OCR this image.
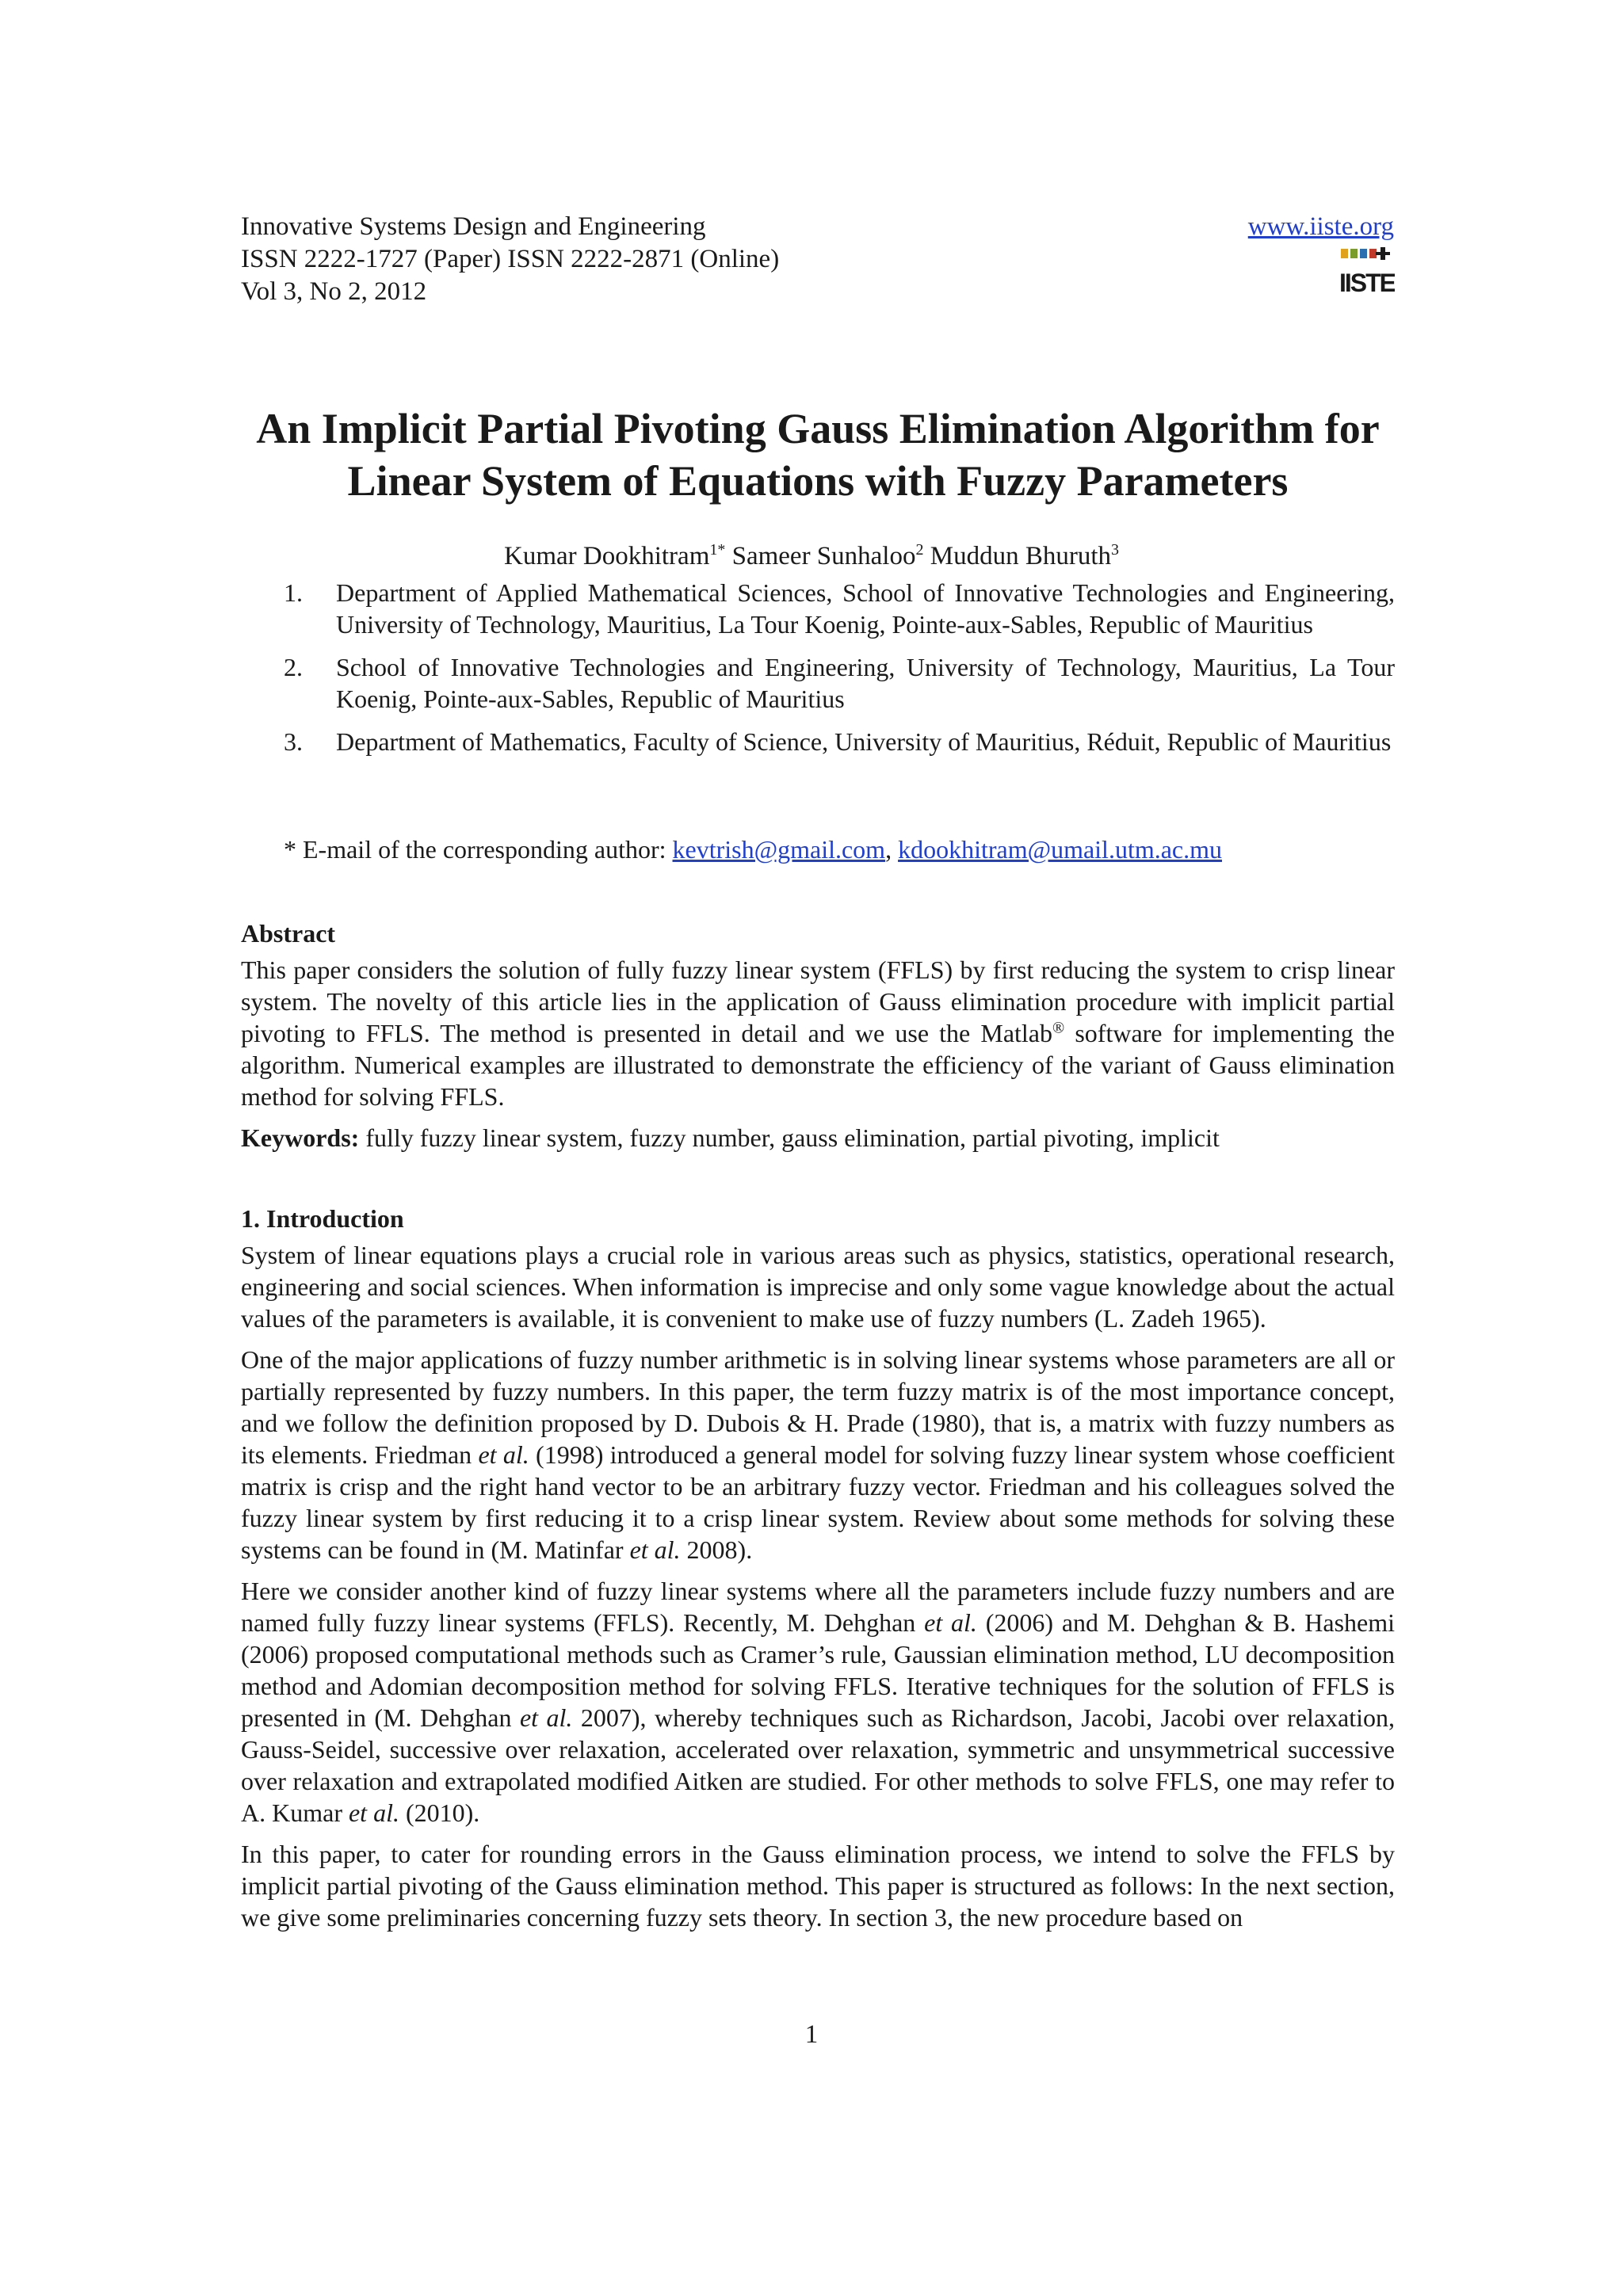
Innovative Systems Design and Engineering
ISSN 2222-1727 (Paper) ISSN 2222-2871 (Online)
Vol 3, No 2, 2012
www.iiste.org
IISTE
An Implicit Partial Pivoting Gauss Elimination Algorithm for
Linear System of Equations with Fuzzy Parameters
Kumar Dookhitram$^{1*}$ Sameer Sunhaloo$^2$ Muddun Bhuruth$^3$
1. Department of Applied Mathematical Sciences, School of Innovative Technologies and Engineering, University of Technology, Mauritius, La Tour Koenig, Pointe-aux-Sables, Republic of Mauritius
2. School of Innovative Technologies and Engineering, University of Technology, Mauritius, La Tour Koenig, Pointe-aux-Sables, Republic of Mauritius
3. Department of Mathematics, Faculty of Science, University of Mauritius, Réduit, Republic of Mauritius
* E-mail of the corresponding author: kevtrish@gmail.com, kdookhitram@umail.utm.ac.mu
Abstract
This paper considers the solution of fully fuzzy linear system (FFLS) by first reducing the system to crisp linear system. The novelty of this article lies in the application of Gauss elimination procedure with implicit partial pivoting to FFLS. The method is presented in detail and we use the Matlab® software for implementing the algorithm. Numerical examples are illustrated to demonstrate the efficiency of the variant of Gauss elimination method for solving FFLS.
Keywords: fully fuzzy linear system, fuzzy number, gauss elimination, partial pivoting, implicit
1. Introduction
System of linear equations plays a crucial role in various areas such as physics, statistics, operational research, engineering and social sciences. When information is imprecise and only some vague knowledge about the actual values of the parameters is available, it is convenient to make use of fuzzy numbers (L. Zadeh 1965).
One of the major applications of fuzzy number arithmetic is in solving linear systems whose parameters are all or partially represented by fuzzy numbers. In this paper, the term fuzzy matrix is of the most importance concept, and we follow the definition proposed by D. Dubois & H. Prade (1980), that is, a matrix with fuzzy numbers as its elements. Friedman et al. (1998) introduced a general model for solving fuzzy linear system whose coefficient matrix is crisp and the right hand vector to be an arbitrary fuzzy vector. Friedman and his colleagues solved the fuzzy linear system by first reducing it to a crisp linear system. Review about some methods for solving these systems can be found in (M. Matinfar et al. 2008).
Here we consider another kind of fuzzy linear systems where all the parameters include fuzzy numbers and are named fully fuzzy linear systems (FFLS). Recently, M. Dehghan et al. (2006) and M. Dehghan & B. Hashemi (2006) proposed computational methods such as Cramer’s rule, Gaussian elimination method, LU decomposition method and Adomian decomposition method for solving FFLS. Iterative techniques for the solution of FFLS is presented in (M. Dehghan et al. 2007), whereby techniques such as Richardson, Jacobi, Jacobi over relaxation, Gauss-Seidel, successive over relaxation, accelerated over relaxation, symmetric and unsymmetrical successive over relaxation and extrapolated modified Aitken are studied. For other methods to solve FFLS, one may refer to A. Kumar et al. (2010).
In this paper, to cater for rounding errors in the Gauss elimination process, we intend to solve the FFLS by implicit partial pivoting of the Gauss elimination method. This paper is structured as follows: In the next section, we give some preliminaries concerning fuzzy sets theory. In section 3, the new procedure based on
1
